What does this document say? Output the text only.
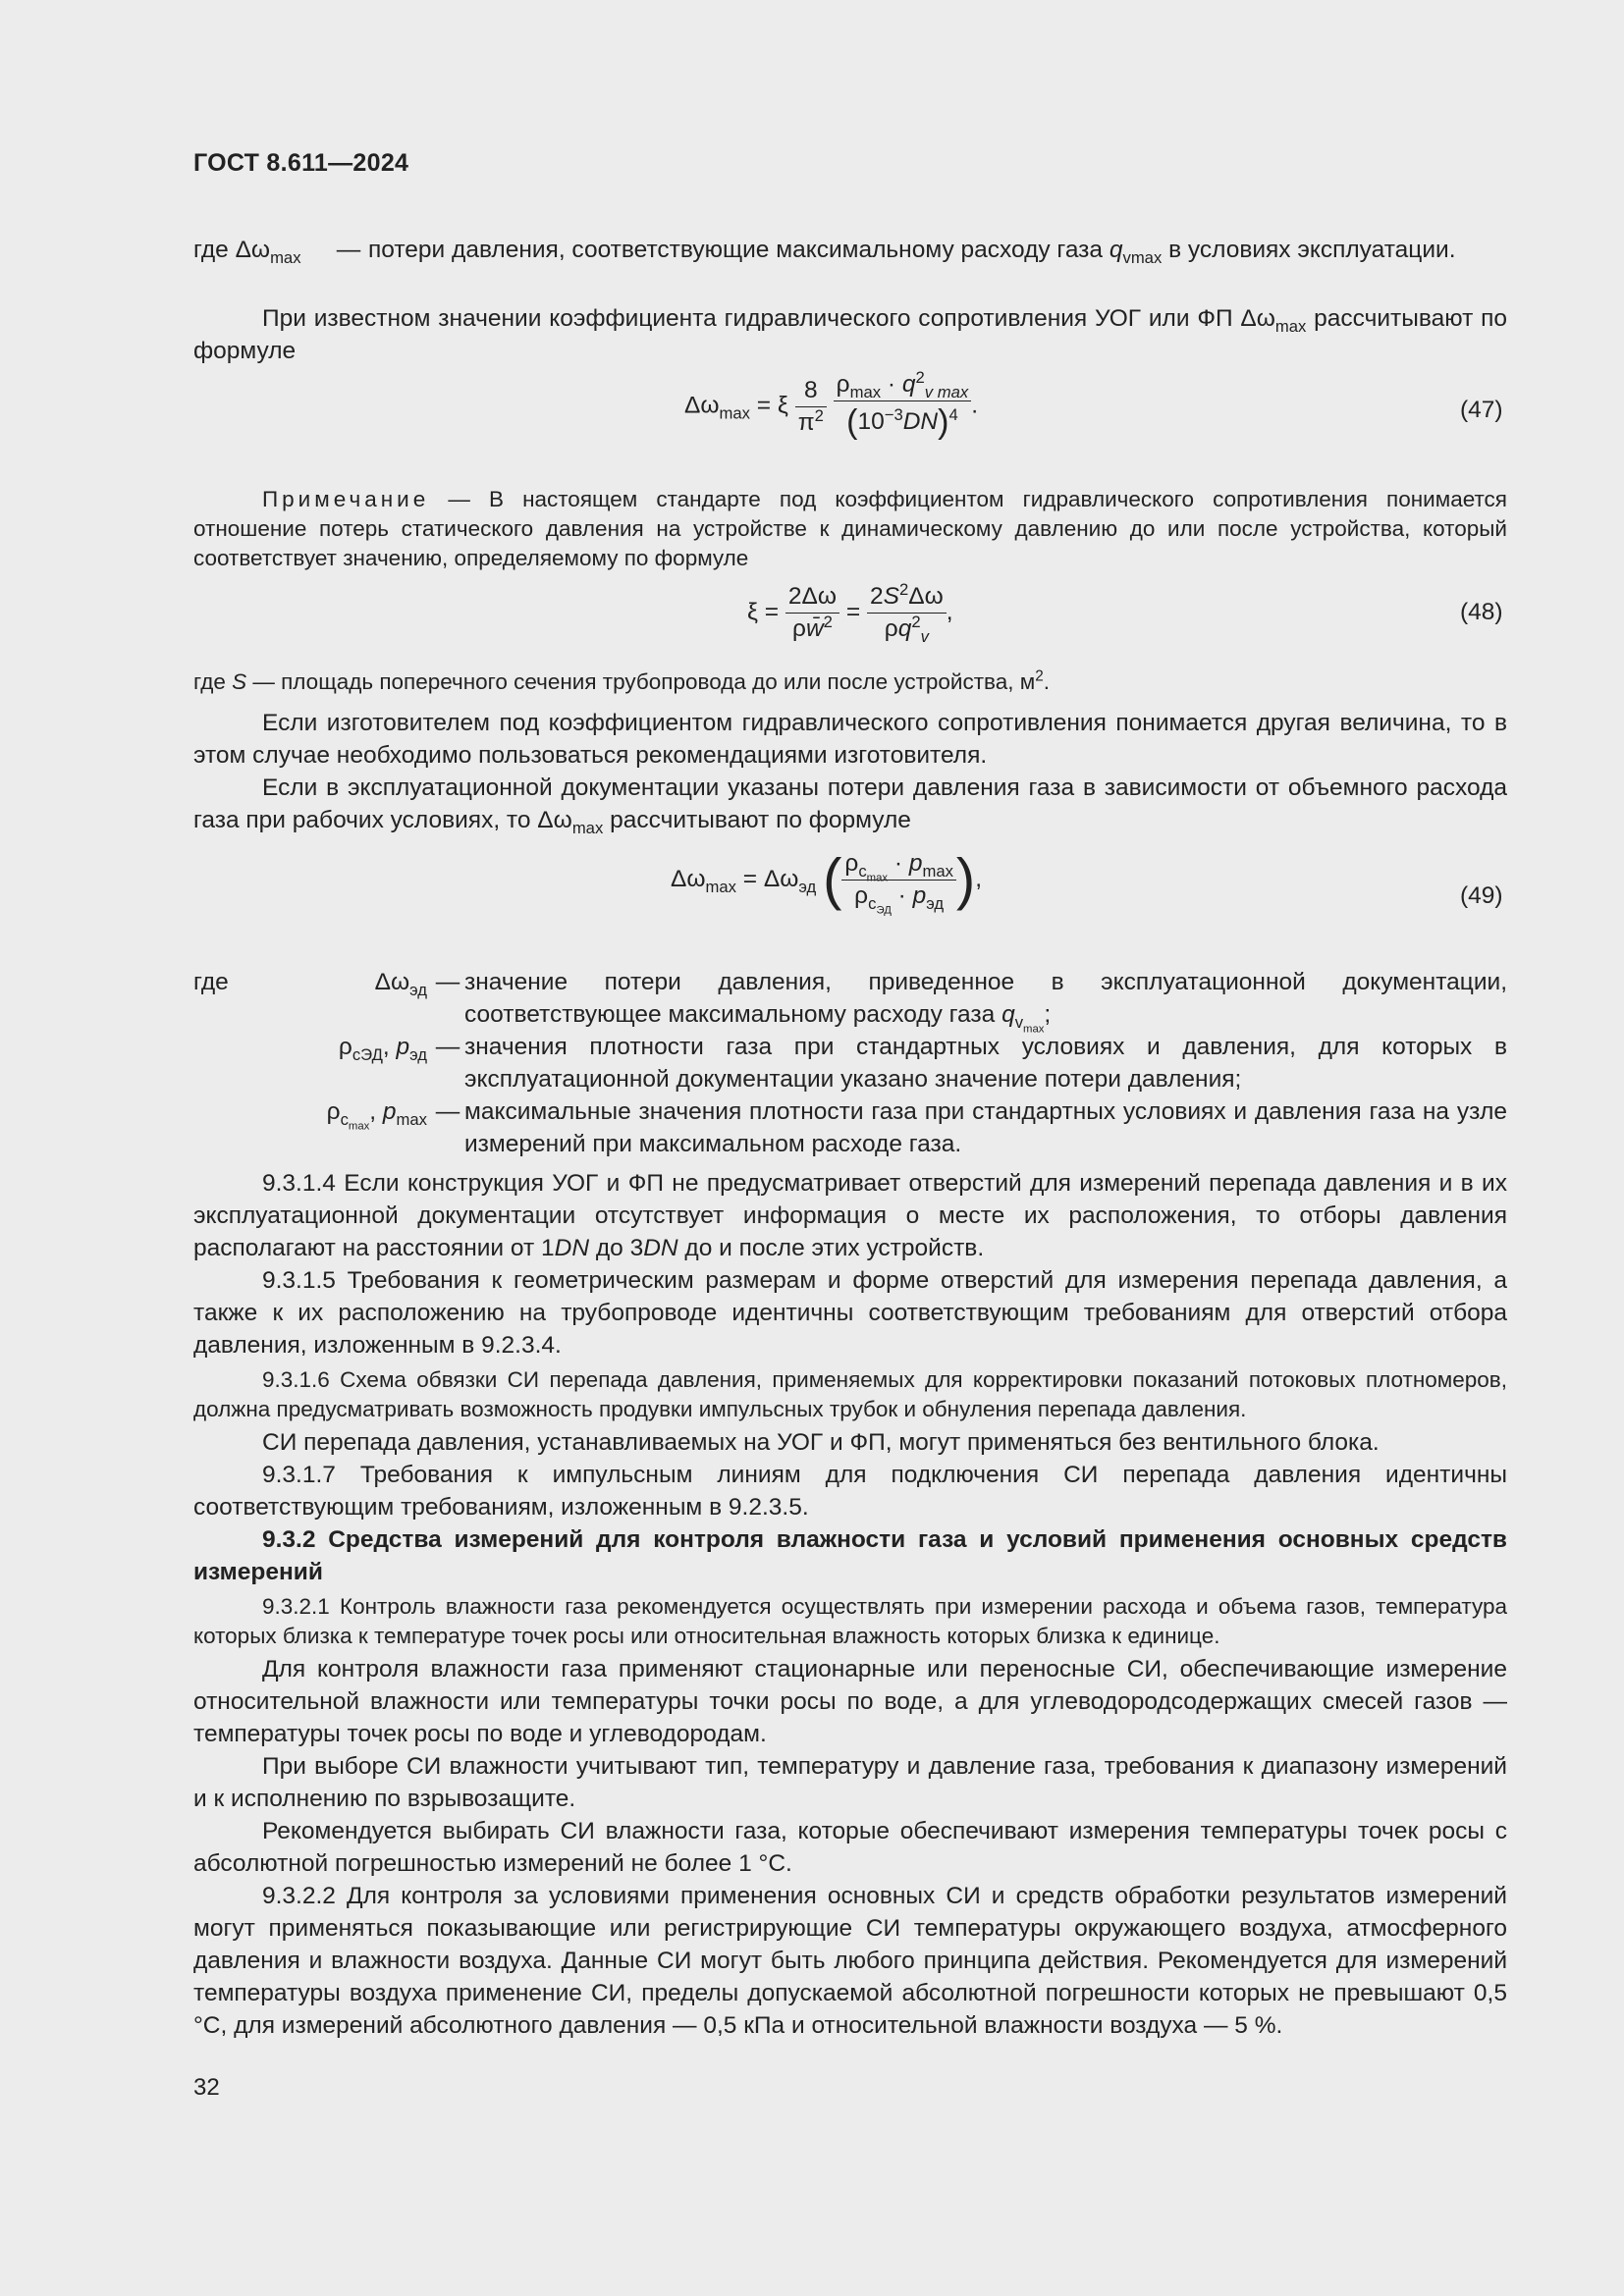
ГОСТ 8.611—2024
где $\Delta\omega_{max}$	— потери давления, соответствующие максимальному расходу газа $q_{vmax}$ в условиях эксплуатации.

При известном значении коэффициента гидравлического сопротивления УОГ или ФП $\Delta\omega_{max}$ рассчитывают по формуле

$\Delta\omega_{max} = \xi \frac{8}{\pi^2}$
$\frac{\rho_{max} \cdot q^2_{v max}}{(10^{-3}DN)^4}$ .	(47)

Примечание — В настоящем стандарте под коэффициентом гидравлического сопротивления понимается отношение потерь статического давления на устройстве к динамическому давлению до или после устройства, который соответствует значению, определяемому по формуле

$\xi = \frac{2\Delta\omega}{\rho w̄^2} = \frac{2S^2\Delta\omega}{\rho q^2_v}$ ,	(48)

где S — площадь поперечного сечения трубопровода до или после устройства, $м^2$.

Если изготовителем под коэффициентом гидравлического сопротивления понимается другая величина, то в этом случае необходимо пользоваться рекомендациями изготовителя.

Если в эксплуатационной документации указаны потери давления газа в зависимости от объемного расхода газа при рабочих условиях, то $\Delta\omega_{max}$ рассчитывают по формуле

$\Delta\omega_{max} = \Delta\omega_{эд}$ ( $\frac{\rho_{c_{max}} \cdot p_{max}}{\rho_{с_{ЭД}} \cdot p_{эд}}$ ),
(49)
где	$\Delta\omega_{эд}$ — значение потери давления, приведенное в эксплуатационной документации, соответствующее максимальному расходу газа $q_{v_{max}}$;
$\rho_{сЭД}$, $p_{эд}$ — значения плотности газа при стандартных условиях и давления, для которых в эксплуатационной документации указано значение потери давления;
$\rho_{c_{max}}$, $p_{max}$ — максимальные значения плотности газа при стандартных условиях и давления газа на узле измерений при максимальном расходе газа.

9.3.1.4 Если конструкция УОГ и ФП не предусматривает отверстий для измерений перепада давления и в их эксплуатационной документации отсутствует информация о месте их расположения, то отборы давления располагают на расстоянии от 1DN до 3DN до и после этих устройств.

9.3.1.5 Требования к геометрическим размерам и форме отверстий для измерения перепада давления, а также к их расположению на трубопроводе идентичны соответствующим требованиям для отверстий отбора давления, изложенным в 9.2.3.4.

9.3.1.6 Схема обвязки СИ перепада давления, применяемых для корректировки показаний потоковых плотномеров, должна предусматривать возможность продувки импульсных трубок и обнуления перепада давления.

СИ перепада давления, устанавливаемых на УОГ и ФП, могут применяться без вентильного блока.

9.3.1.7 Требования к импульсным линиям для подключения СИ перепада давления идентичны соответствующим требованиям, изложенным в 9.2.3.5.

9.3.2 Средства измерений для контроля влажности газа и условий применения основных средств измерений

9.3.2.1 Контроль влажности газа рекомендуется осуществлять при измерении расхода и объема газов, температура которых близка к температуре точек росы или относительная влажность которых близка к единице.

Для контроля влажности газа применяют стационарные или переносные СИ, обеспечивающие измерение относительной влажности или температуры точки росы по воде, а для углеводородсодержащих смесей газов — температуры точек росы по воде и углеводородам.

При выборе СИ влажности учитывают тип, температуру и давление газа, требования к диапазону измерений и к исполнению по взрывозащите.

Рекомендуется выбирать СИ влажности газа, которые обеспечивают измерения температуры точек росы с абсолютной погрешностью измерений не более 1 °С.

9.3.2.2 Для контроля за условиями применения основных СИ и средств обработки результатов измерений могут применяться показывающие или регистрирующие СИ температуры окружающего воздуха, атмосферного давления и влажности воздуха. Данные СИ могут быть любого принципа действия. Рекомендуется для измерений температуры воздуха применение СИ, пределы допускаемой абсолютной погрешности которых не превышают 0,5 °С, для измерений абсолютного давления — 0,5 кПа и относительной влажности воздуха — 5 %.

32
